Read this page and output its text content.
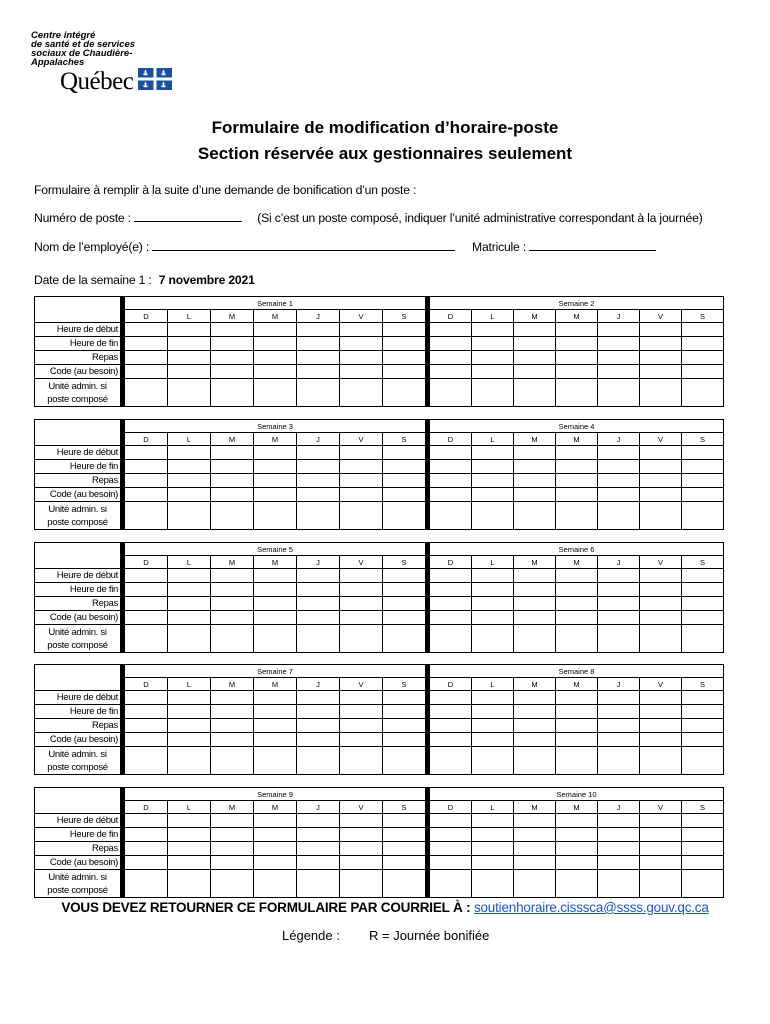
Centre intégré
de santé et de services
sociaux de Chaudière-
Appalaches
Québec
Formulaire de modification d’horaire-poste
Section réservée aux gestionnaires seulement
Formulaire à remplir à la suite d’une demande de bonification d’un poste :
Numéro de poste :	(Si c’est un poste composé, indiquer l’unité administrative correspondant à la journée)
Nom de l’employé(e) :	Matricule :
Date de la semaine 1 : 7 novembre 2021
		Semaine 1								Semaine 2						
		D	L	M	M	J	V	S		D	L	M	M	J	V	S
Heure de début																
Heure de fin																
Repas																
Code (au besoin)																

Unité admin. si
poste composé																

		Semaine 3								Semaine 4						
		D	L	M	M	J	V	S		D	L	M	M	J	V	S
Heure de début																
Heure de fin																
Repas																
Code (au besoin)																

Unité admin. si
poste composé																

		Semaine 5								Semaine 6						
		D	L	M	M	J	V	S		D	L	M	M	J	V	S
Heure de début																
Heure de fin																
Repas																
Code (au besoin)																

Unité admin. si
poste composé																

		Semaine 7								Semaine 8						
		D	L	M	M	J	V	S		D	L	M	M	J	V	S
Heure de début																
Heure de fin																
Repas																
Code (au besoin)																

Unité admin. si
poste composé																

		Semaine 9								Semaine 10						
		D	L	M	M	J	V	S		D	L	M	M	J	V	S
Heure de début																
Heure de fin																
Repas																
Code (au besoin)																

Unité admin. si
poste composé																

VOUS DEVEZ RETOURNER CE FORMULAIRE PAR COURRIEL À : soutienhoraire.cisssca@ssss.gouv.qc.ca
Légende : R = Journée bonifiée
